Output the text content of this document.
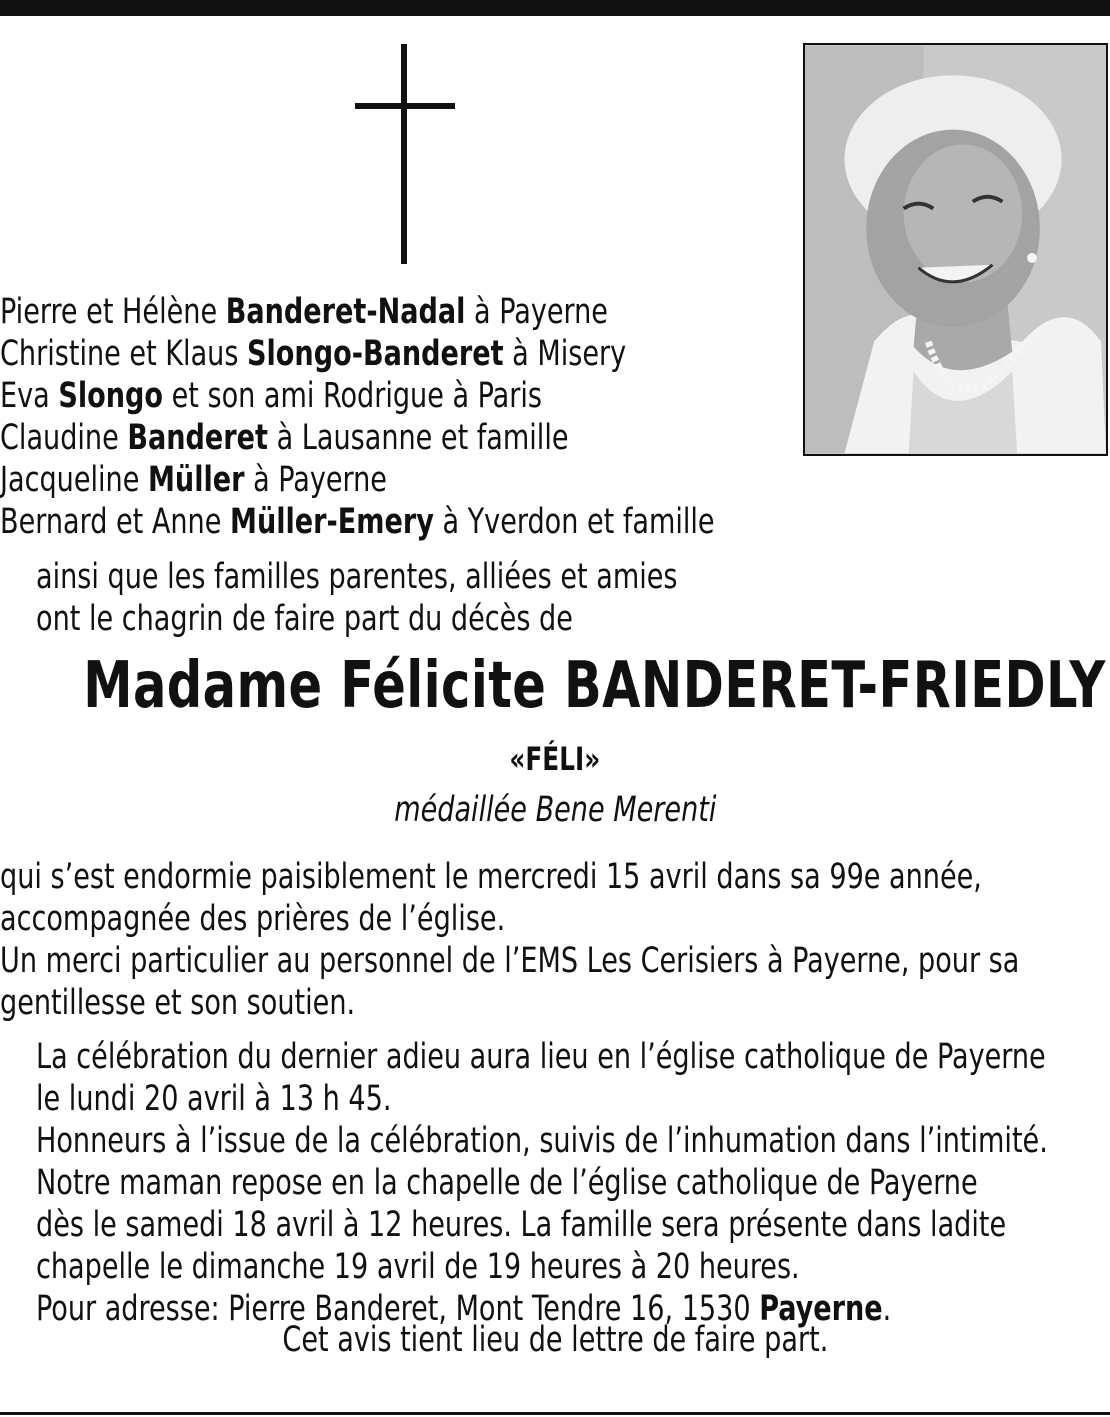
Pierre et Hélène Banderet-Nadal à Payerne
Christine et Klaus Slongo-Banderet à Misery
Eva Slongo et son ami Rodrigue à Paris
Claudine Banderet à Lausanne et famille
Jacqueline Müller à Payerne
Bernard et Anne Müller-Emery à Yverdon et famille
ainsi que les familles parentes, alliées et amies
ont le chagrin de faire part du décès de
Madame Félicite BANDERET-FRIEDLY
«FÉLI»
médaillée Bene Merenti
qui s’est endormie paisiblement le mercredi 15 avril dans sa 99e année,
accompagnée des prières de l’église.
Un merci particulier au personnel de l’EMS Les Cerisiers à Payerne, pour sa
gentillesse et son soutien.
La célébration du dernier adieu aura lieu en l’église catholique de Payerne
le lundi 20 avril à 13 h 45.
Honneurs à l’issue de la célébration, suivis de l’inhumation dans l’intimité.
Notre maman repose en la chapelle de l’église catholique de Payerne
dès le samedi 18 avril à 12 heures. La famille sera présente dans ladite
chapelle le dimanche 19 avril de 19 heures à 20 heures.
Pour adresse: Pierre Banderet, Mont Tendre 16, 1530 Payerne.
Cet avis tient lieu de lettre de faire part.
